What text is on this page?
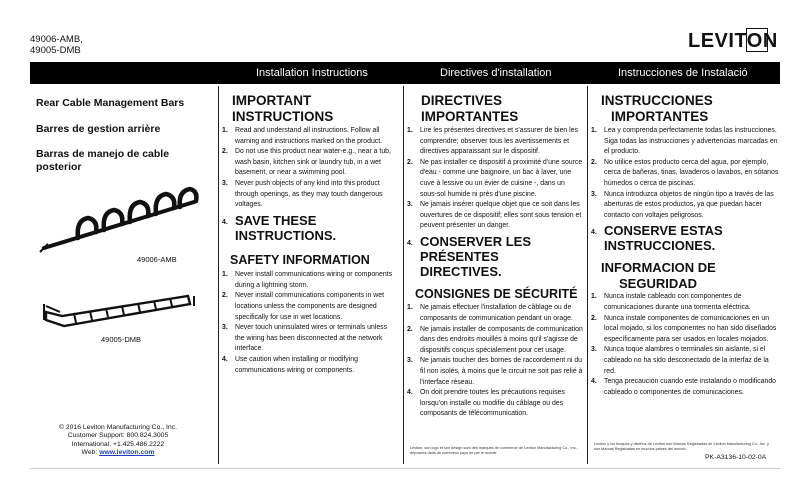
49006-AMB,
49005-DMB	LEVITON
Installation Instructions	Directives d'installation	Instrucciones de Instalació
Rear Cable Management Bars
Barres de gestion arrière
Barras de manejo de cable
posterior
49006-AMB
49005-DMB
© 2016 Leviton Manufacturing Co., Inc.
Customer Support: 800.824.3005
International: +1.425.486.2222
Web: www.leviton.com
IMPORTANT
INSTRUCTIONS
1. Read and understand all instructions. Follow all warning and instructions marked on the product.
2. Do not use this product near water-e.g., near a tub, wash basin, kitchen sink or laundry tub, in a wet basement, or near a swimming pool.
3. Never push objects of any kind into this product through openings, as they may touch dangerous voltages.
4. SAVE THESE
INSTRUCTIONS.
SAFETY INFORMATION
1. Never install communications wiring or components during a lightning storm.
2. Never install communications components in wet locations unless the components are designed specifically for use in wet locations.
3. Never touch uninsulated wires or terminals unless the wiring has been disconnected at the network interface.
4. Use caution when installing or modifying communications wiring or components.
DIRECTIVES
IMPORTANTES
1. Lire les présentes directives et s'assurer de bien les comprendre; observer tous les avertissements et directives apparaissant sur le dispositif.
2. Ne pas installer ce dispositif à proximité d'une source d'eau - comme une baignoire, un bac à laver, une cuve à lessive ou un évier de cuisine -, dans un sous-sol humide ni près d'une piscine.
3. Ne jamais insérer quelque objet que ce soit dans les ouvertures de ce dispositif; elles sont sous tension et peuvent présenter un danger.
4. CONSERVER LES
PRÉSENTES DIRECTIVES.
CONSIGNES DE SÉCURITÉ
1. Ne jamais effectuer l'installation de câblage ou de composants de communication pendant un orage.
2. Ne jamais installer de composants de communication dans des endroits mouillés à moins qu'il s'agisse de dispositifs conçus spécialement pour cet usage.
3. Ne jamais toucher des bornes de raccordement ni du fil non isolés, à moins que le circuit ne soit pas relié à l'interface réseau.
4. On doit prendre toutes les précautions requises lorsqu'on installe ou modifie du câblage ou des composants de télécommunication.
Leviton, son logo et son design sont des marques de commerce de Leviton Manufacturing Co., Inc., déposées dans de nombreux pays de par le monde.
INSTRUCCIONES
IMPORTANTES
1. Lea y comprenda perfectamente todas las instrucciones. Siga todas las instrucciones y advertencias marcadas en el producto.
2. No utilice estos producto cerca del agua, por ejemplo, cerca de bañeras, tinas, lavaderos o lavabos, en sótanos húmedos o cerca de piscinas.
3. Nunca introduzca objetos de ningún tipo a través de las aberturas de estos productos, ya que puedan hacer contacto con voltajes peligrosos.
4. CONSERVE ESTAS
INSTRUCCIONES.
INFORMACION DE
SEGURIDAD
1. Nunca instale cableado con componentes de comunicaciones durante una tormenta eléctrica.
2. Nunca instale componentes de comunicaciones en un local mojado, si los componentes no han sido diseñados específicamente para ser usados en locales mojados.
3. Nunca toque alambres o terminales sin aislante, si el cableado no ha sido desconectado de la interfaz de la red.
4. Tenga precaución cuando este instalando o modificando cableado o componentes de comunicaciones.
Leviton y los bloques y diseños de Leviton son Marcas Registradas de Leviton Manufacturing Co., Inc. y son Marcas Registradas en muchos países del mundo.
PK-A3136-10-02-0A
